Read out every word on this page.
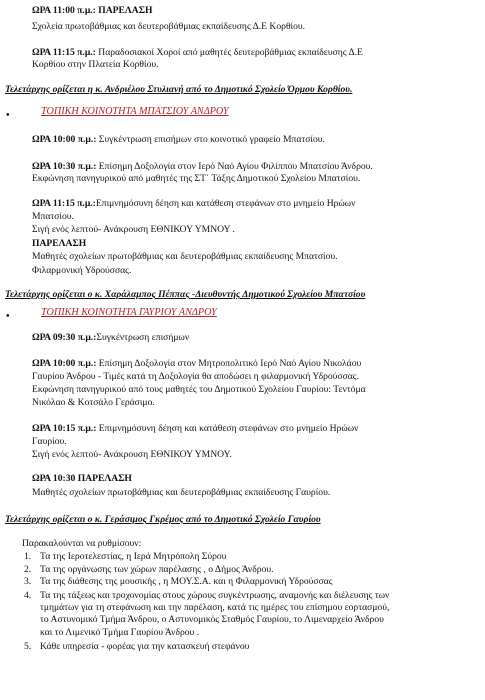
ΩΡΑ 11:00 π.μ.: ΠΑΡΕΛΑΣΗ
Σχολεία πρωτοβάθμιας και δευτεροβάθμιας εκπαίδευσης Δ.Ε Κορθίου.
ΩΡΑ 11:15 π.μ.: Παραδοσιακοί Χοροί από μαθητές δευτεροβάθμιας εκπαίδευσης Δ.Ε
Κορθίου στην Πλατεία Κορθίου.
Τελετάρχης ορίζεται η κ. Ανδριέλου Στυλιανή από το Δημοτικό Σχολείο Όρμου Κορθίου.
•	ΤΟΠΙΚΗ ΚΟΙΝΟΤΗΤΑ ΜΠΑΤΣΙΟΥ ΑΝΔΡΟΥ
ΩΡΑ 10:00 π.μ.: Συγκέντρωση επισήμων στο κοινοτικό γραφείο Μπατσίου.
ΩΡΑ 10:30 π.μ.: Επίσημη Δοξολογία στον Ιερό Ναό Αγίου Φιλίππου Μπατσίου Άνδρου.
Εκφώνηση πανηγυρικού από μαθητές της ΣΤ΄ Τάξης Δημοτικού Σχολείου Μπατσίου.
ΩΡΑ 11:15 π.μ.:Επιμνημόσυνη δέηση και κατάθεση στεφάνων στο μνημείο Ηρώων
Μπατσίου.
Σιγή ενός λεπτού- Ανάκρουση ΕΘΝΙΚΟΥ ΥΜΝΟΥ .
ΠΑΡΕΛΑΣΗ
Μαθητές σχολείων πρωτοβάθμιας και δευτεροβάθμιας εκπαίδευσης Μπατσίου.
Φιλαρμονική Υδρούσσας.
Τελετάρχης ορίζεται ο κ. Χαράλαμπος Πέππας -Διευθυντής Δημοτικού Σχολείου Μπατσίου
•	ΤΟΠΙΚΗ ΚΟΙΝΟΤΗΤΑ ΓΑΥΡΙΟΥ ΑΝΔΡΟΥ
ΩΡΑ 09:30 π.μ.:Συγκέντρωση επισήμων
ΩΡΑ 10:00 π.μ.: Επίσημη Δοξολογία στον Μητροπολιτικό Ιερό Ναό Αγίου Νικολάου
Γαυρίου Άνδρου - Τιμές κατά τη Δοξολογία θα αποδώσει η φιλαρμονική Υδρούσσας.
Εκφώνηση πανηγυρικού από τους μαθητές του Δημοτικού Σχολείου Γαυρίου: Τεντόμα
Νικόλαο & Κοτσάλο Γεράσιμο.
ΩΡΑ 10:15 π.μ.: Επιμνημόσυνη δέηση και κατάθεση στεφάνων στο μνημείο Ηρώων
Γαυρίου.
Σιγή ενός λεπτού- Ανάκρουση ΕΘΝΙΚΟΥ ΥΜΝΟΥ.
ΩΡΑ 10:30 ΠΑΡΕΛΑΣΗ
Μαθητές σχολείων πρωτοβάθμιας και δευτεροβάθμιας εκπαίδευσης Γαυρίου.
Τελετάρχης ορίζεται ο κ. Γεράσιμος Γκρέμος από το Δημοτικό Σχολείο Γαυρίου
Παρακαλούνται να ρυθμίσουν:
1. Τα της Ιεροτελεστίας, η Ιερά Μητρόπολη Σύρου
2. Τα της οργάνωσης των χώρων παρέλασης , ο Δήμος Άνδρου.
3. Τα της διάθεσης της μουσικής , η ΜΟΥ.Σ.Α. και η Φιλαρμονική Υδρούσσας
4. Τα της τάξεως και τροχονομίας στους χώρους συγκέντρωσης, αναμονής και διέλευσης των
τμημάτων για τη στεφάνωση και την παρέλαση, κατά τις ημέρες του επίσημου εορτασμού,
το Αστυνομικό Τμήμα Άνδρου, ο Αστυνομικός Σταθμός Γαυρίου, το Λιμεναρχείο Άνδρου
και το Λιμενικό Τμήμα Γαυρίου Άνδρου .
5. Κάθε υπηρεσία - φορέας για την κατασκευή στεφάνου
